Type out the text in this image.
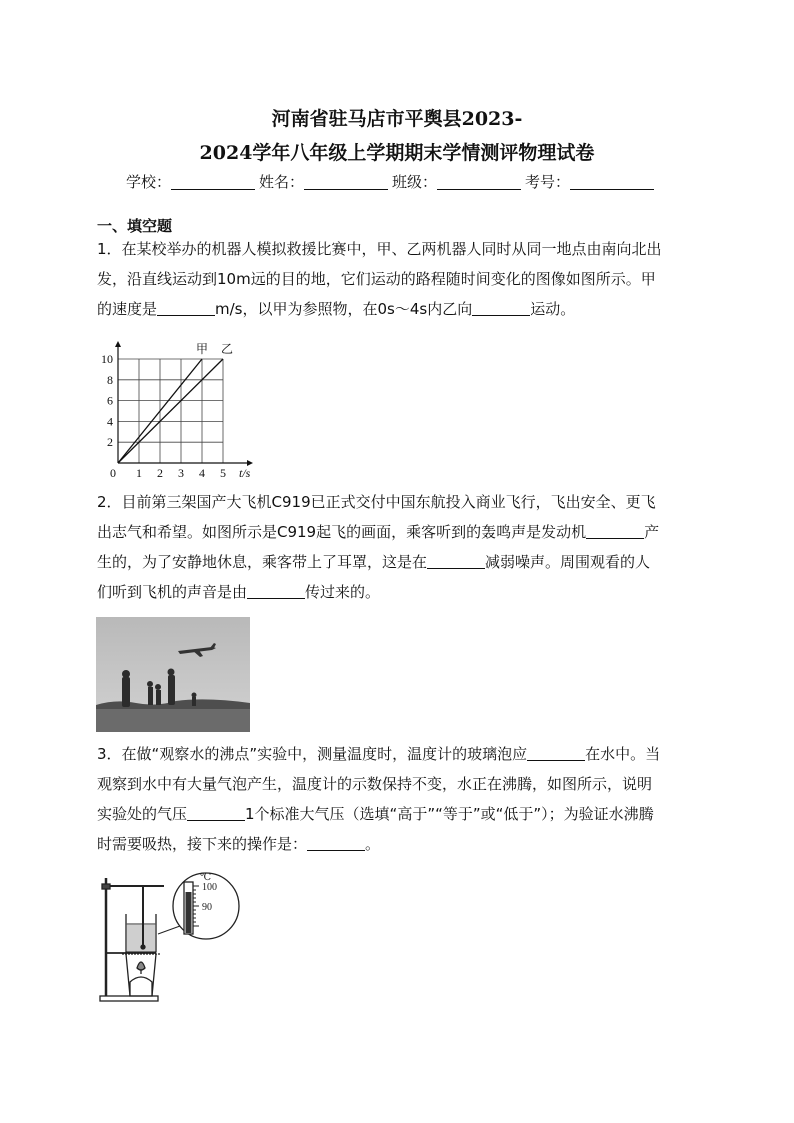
河南省驻马店市平舆县2023-
2024学年八年级上学期期末学情测评物理试卷
学校：	姓名：	班级：	考号：
一、填空题
1．在某校举办的机器人模拟救援比赛中，甲、乙两机器人同时从同一地点由南向北出
发，沿直线运动到10m远的目的地，它们运动的路程随时间变化的图像如图所示。甲
的速度是	m/s，以甲为参照物，在0s～4s内乙向	运动。
0 1 2 3 4 5
2
4
6
8
10
t/s
甲 乙
2．目前第三架国产大飞机C919已正式交付中国东航投入商业飞行，飞出安全、更飞
出志气和希望。如图所示是C919起飞的画面，乘客听到的轰鸣声是发动机	产
生的，为了安静地休息，乘客带上了耳罩，这是在	减弱噪声。周围观看的人
们听到飞机的声音是由	传过来的。
3．在做“观察水的沸点”实验中，测量温度时，温度计的玻璃泡应	在水中。当
观察到水中有大量气泡产生，温度计的示数保持不变，水正在沸腾，如图所示，说明
实验处的气压	1个标准大气压（选填“高于”“等于”或“低于”）；为验证水沸腾
时需要吸热，接下来的操作是：	。
℃
100
90
